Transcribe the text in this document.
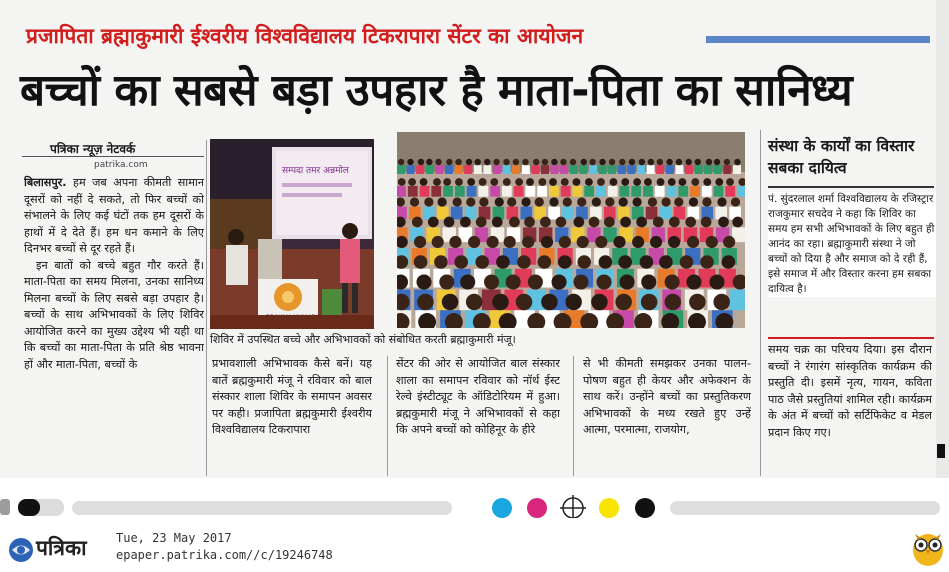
प्रजापिता ब्रह्माकुमारी ईश्वरीय विश्वविद्यालय टिकरापारा सेंटर का आयोजन
बच्चों का सबसे बड़ा उपहार है माता-पिता का सानिध्य
पत्रिका न्यूज़ नेटवर्क
patrika.com
बिलासपुर. हम जब अपना कीमती सामान दूसरों को नहीं दे सकते, तो फिर बच्चों को संभालने के लिए कई घंटों तक हम दूसरों के हाथों में दे देते हैं। हम धन कमाने के लिए दिनभर बच्चों से दूर रहते हैं।
इन बातों को बच्चे बहुत गौर करते हैं। माता-पिता का समय मिलना, उनका सानिध्य मिलना बच्चों के लिए सबसे बड़ा उपहार है। बच्चों के साथ अभिभावकों के लिए शिविर आयोजित करने का मुख्य उद्देश्य भी यही था कि बच्चों का माता-पिता के प्रति श्रेष्ठ भावना हों और माता-पिता, बच्चों के
सम्पदा तमर अन्नमोल
शिविर में उपस्थित बच्चे और अभिभावकों को संबोधित करती ब्रह्माकुमारी मंजू।
प्रभावशाली अभिभावक कैसे बनें। यह बातें ब्रह्मकुमारी मंजू ने रविवार को बाल संस्कार शाला शिविर के समापन अवसर पर कही। प्रजापिता ब्रह्मकुमारी ईश्वरीय विश्वविद्यालय टिकरापारा
सेंटर की ओर से आयोजित बाल संस्कार शाला का समापन रविवार को नॉर्थ ईस्ट रेल्वे इंस्टीट्यूट के ऑडिटोरियम में हुआ। ब्रह्मकुमारी मंजू ने अभिभावकों से कहा कि अपने बच्चों को कोहिनूर के हीरे
से भी कीमती समझकर उनका पालन-पोषण बहुत ही केयर और अफेक्शन के साथ करें। उन्होंने बच्चों का प्रस्तुतिकरण अभिभावकों के मध्य रखते हुए उन्हें आत्मा, परमात्मा, राजयोग,
संस्था के कार्यों का विस्तार सबका दायित्व
पं. सुंदरलाल शर्मा विश्वविद्यालय के रजिस्ट्रार राजकुमार सचदेव ने कहा कि शिविर का समय हम सभी अभिभावकों के लिए बहुत ही आनंद का रहा। ब्रह्माकुमारी संस्था ने जो बच्चों को दिया है और समाज को दे रही हैं, इसे समाज में और विस्तार करना हम सबका दायित्व है।
समय चक्र का परिचय दिया। इस दौरान बच्चों ने रंगारंग सांस्कृतिक कार्यक्रम की प्रस्तुति दी। इसमें नृत्य, गायन, कविता पाठ जैसे प्रस्तुतियां शामिल रही। कार्यक्रम के अंत में बच्चों को सर्टिफिकेट व मेडल प्रदान किए गए।
पत्रिका Tue, 23 May 2017
epaper.patrika.com//c/19246748
